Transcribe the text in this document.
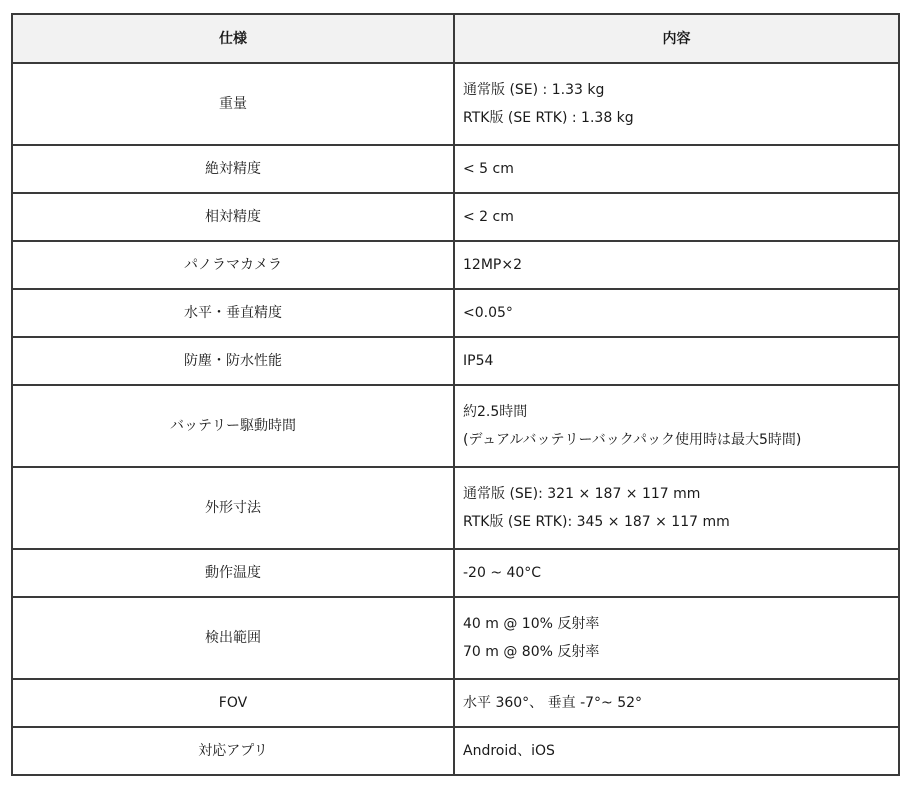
仕様	内容
重量	通常版 (SE) : 1.33 kg
RTK版 (SE RTK) : 1.38 kg

絶対精度	< 5 cm

相対精度	< 2 cm

パノラマカメラ	12MP×2

水平・垂直精度	<0.05°

防塵・防水性能	IP54

バッテリー駆動時間	約2.5時間
(デュアルバッテリーバックパック使用時は最大5時間)

外形寸法	通常版 (SE): 321 × 187 × 117 mm
RTK版 (SE RTK): 345 × 187 × 117 mm

動作温度	-20 ~ 40°C

検出範囲	40 m @ 10% 反射率
70 m @ 80% 反射率

FOV	水平 360°、 垂直 -7°~ 52°

対応アプリ	Android、iOS
